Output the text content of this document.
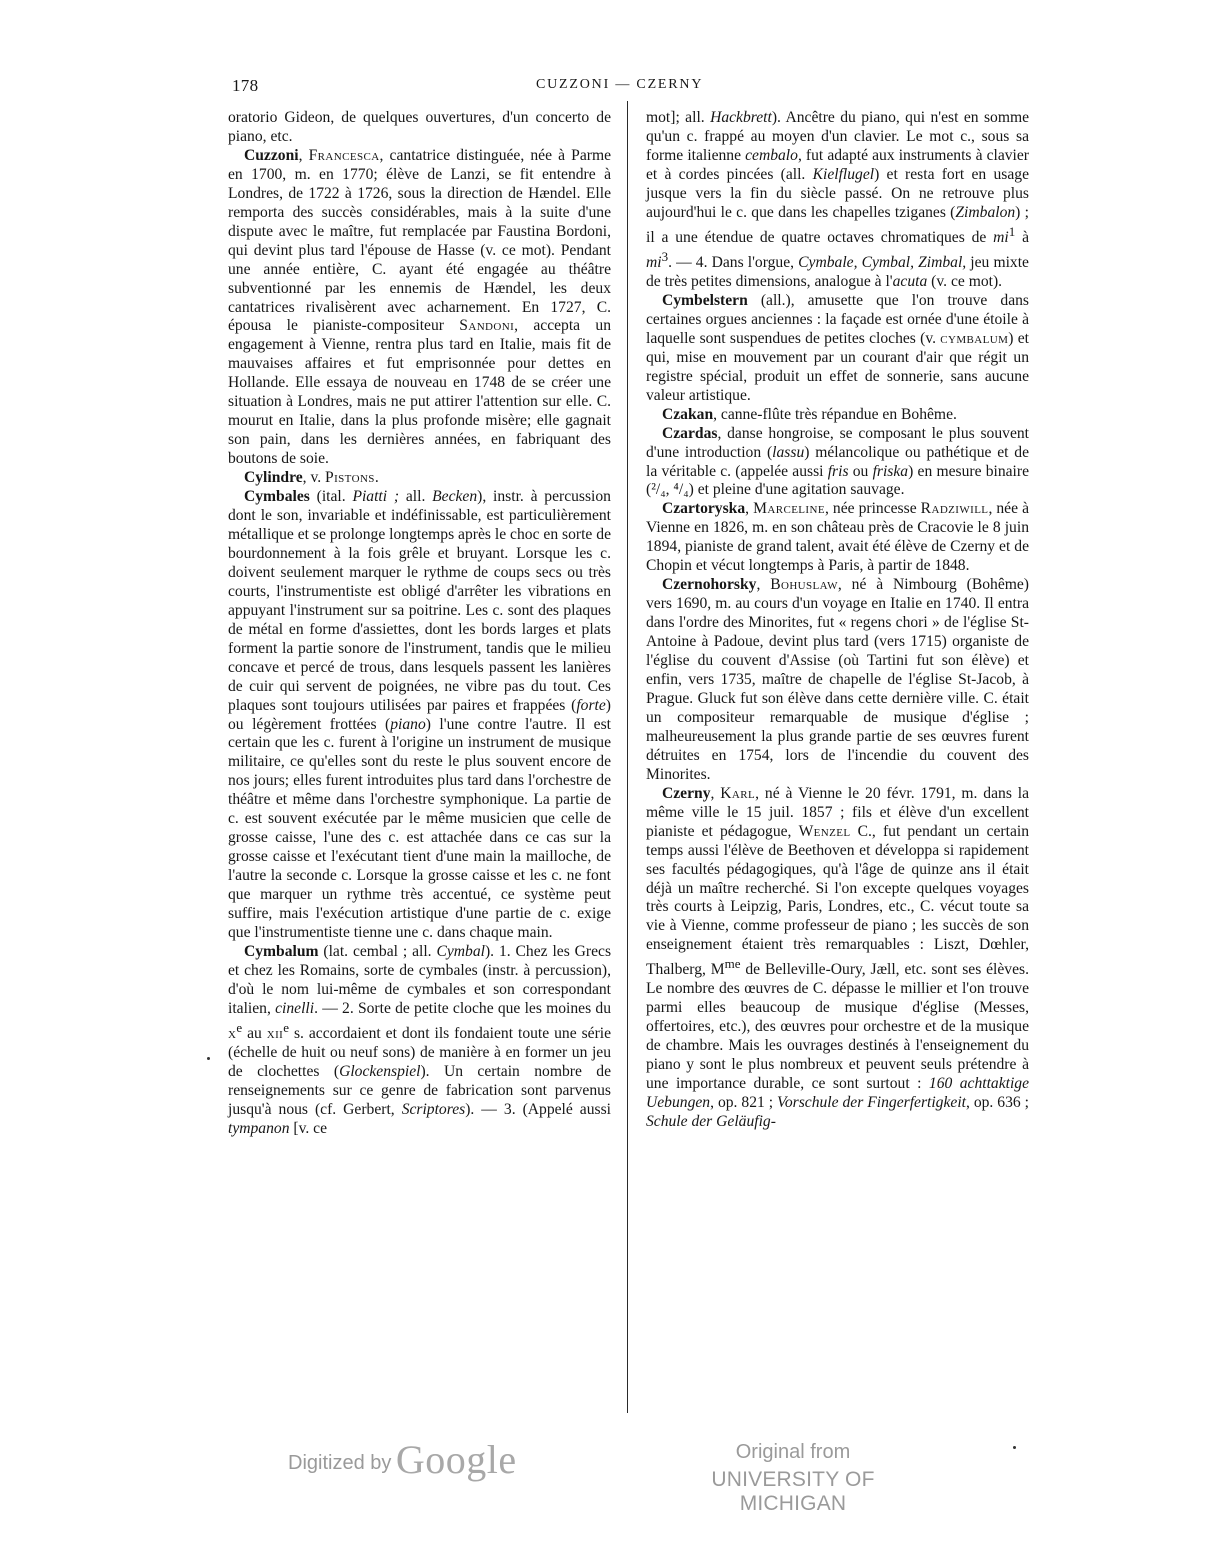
178	CUZZONI — CZERNY

oratorio Gideon, de quelques ouvertures, d'un concerto de piano, etc.

Cuzzoni, Francesca, cantatrice distinguée, née à Parme en 1700, m. en 1770; élève de Lanzi, se fit entendre à Londres, de 1722 à 1726, sous la direction de Hændel. Elle remporta des succès considérables, mais à la suite d'une dispute avec le maître, fut remplacée par Faustina Bordoni, qui devint plus tard l'épouse de Hasse (v. ce mot). Pendant une année entière, C. ayant été engagée au théâtre subventionné par les ennemis de Hændel, les deux cantatrices rivalisèrent avec acharnement. En 1727, C. épousa le pianiste-compositeur Sandoni, accepta un engagement à Vienne, rentra plus tard en Italie, mais fit de mauvaises affaires et fut emprisonnée pour dettes en Hollande. Elle essaya de nouveau en 1748 de se créer une situation à Londres, mais ne put attirer l'attention sur elle. C. mourut en Italie, dans la plus profonde misère; elle gagnait son pain, dans les dernières années, en fabriquant des boutons de soie.

Cylindre, v. Pistons.

Cymbales (ital. Piatti ; all. Becken), instr. à percussion dont le son, invariable et indéfinissable, est particulièrement métallique et se prolonge longtemps après le choc en sorte de bourdonnement à la fois grêle et bruyant. Lorsque les c. doivent seulement marquer le rythme de coups secs ou très courts, l'instrumentiste est obligé d'arrêter les vibrations en appuyant l'instrument sur sa poitrine. Les c. sont des plaques de métal en forme d'assiettes, dont les bords larges et plats forment la partie sonore de l'instrument, tandis que le milieu concave et percé de trous, dans lesquels passent les lanières de cuir qui servent de poignées, ne vibre pas du tout. Ces plaques sont toujours utilisées par paires et frappées (forte) ou légèrement frottées (piano) l'une contre l'autre. Il est certain que les c. furent à l'origine un instrument de musique militaire, ce qu'elles sont du reste le plus souvent encore de nos jours; elles furent introduites plus tard dans l'orchestre de théâtre et même dans l'orchestre symphonique. La partie de c. est souvent exécutée par le même musicien que celle de grosse caisse, l'une des c. est attachée dans ce cas sur la grosse caisse et l'exécutant tient d'une main la mailloche, de l'autre la seconde c. Lorsque la grosse caisse et les c. ne font que marquer un rythme très accentué, ce système peut suffire, mais l'exécution artistique d'une partie de c. exige que l'instrumentiste tienne une c. dans chaque main.

Cymbalum (lat. cembal ; all. Cymbal). 1. Chez les Grecs et chez les Romains, sorte de cymbales (instr. à percussion), d'où le nom lui-même de cymbales et son correspondant italien, cinelli. — 2. Sorte de petite cloche que les moines du $x^e$ au xii$^e$ s. accordaient et dont ils fondaient toute une série (échelle de huit ou neuf sons) de manière à en former un jeu de clochettes (Glockenspiel). Un certain nombre de renseignements sur ce genre de fabrication sont parvenus jusqu'à nous (cf. Gerbert, Scriptores). — 3. (Appelé aussi tympanon [v. ce

mot]; all. Hackbrett). Ancêtre du piano, qui n'est en somme qu'un c. frappé au moyen d'un clavier. Le mot c., sous sa forme italienne cembalo, fut adapté aux instruments à clavier et à cordes pincées (all. Kielflugel) et resta fort en usage jusque vers la fin du siècle passé. On ne retrouve plus aujourd'hui le c. que dans les chapelles tziganes (Zimbalon) ; il a une étendue de quatre octaves chromatiques de $mi^1$ à $mi^3$. — 4. Dans l'orgue, Cymbale, Cymbal, Zimbal, jeu mixte de très petites dimensions, analogue à l'acuta (v. ce mot).

Cymbelstern (all.), amusette que l'on trouve dans certaines orgues anciennes : la façade est ornée d'une étoile à laquelle sont suspendues de petites cloches (v. cymbalum) et qui, mise en mouvement par un courant d'air que régit un registre spécial, produit un effet de sonnerie, sans aucune valeur artistique.

Czakan, canne-flûte très répandue en Bohême.

Czardas, danse hongroise, se composant le plus souvent d'une introduction (lassu) mélancolique ou pathétique et de la véritable c. (appelée aussi fris ou friska) en mesure binaire (²/₄, ⁴/₄) et pleine d'une agitation sauvage.

Czartoryska, Marceline, née princesse Radziwill, née à Vienne en 1826, m. en son château près de Cracovie le 8 juin 1894, pianiste de grand talent, avait été élève de Czerny et de Chopin et vécut longtemps à Paris, à partir de 1848.

Czernohorsky, Bohuslaw, né à Nimbourg (Bohême) vers 1690, m. au cours d'un voyage en Italie en 1740. Il entra dans l'ordre des Minorites, fut « regens chori » de l'église St-Antoine à Padoue, devint plus tard (vers 1715) organiste de l'église du couvent d'Assise (où Tartini fut son élève) et enfin, vers 1735, maître de chapelle de l'église St-Jacob, à Prague. Gluck fut son élève dans cette dernière ville. C. était un compositeur remarquable de musique d'église ; malheureusement la plus grande partie de ses œuvres furent détruites en 1754, lors de l'incendie du couvent des Minorites.

Czerny, Karl, né à Vienne le 20 févr. 1791, m. dans la même ville le 15 juil. 1857 ; fils et élève d'un excellent pianiste et pédagogue, Wenzel C., fut pendant un certain temps aussi l'élève de Beethoven et développa si rapidement ses facultés pédagogiques, qu'à l'âge de quinze ans il était déjà un maître recherché. Si l'on excepte quelques voyages très courts à Leipzig, Paris, Londres, etc., C. vécut toute sa vie à Vienne, comme professeur de piano ; les succès de son enseignement étaient très remarquables : Liszt, Dœhler, Thalberg, $M^{me}$ de Belleville-Oury, Jæll, etc. sont ses élèves. Le nombre des œuvres de C. dépasse le millier et l'on trouve parmi elles beaucoup de musique d'église (Messes, offertoires, etc.), des œuvres pour orchestre et de la musique de chambre. Mais les ouvrages destinés à l'enseignement du piano y sont le plus nombreux et peuvent seuls prétendre à une importance durable, ce sont surtout : 160 achttaktige Uebungen, op. 821 ; Vorschule der Fingerfertigkeit, op. 636 ; Schule der Geläufig-

Digitized by Google	Original from
UNIVERSITY OF MICHIGAN
